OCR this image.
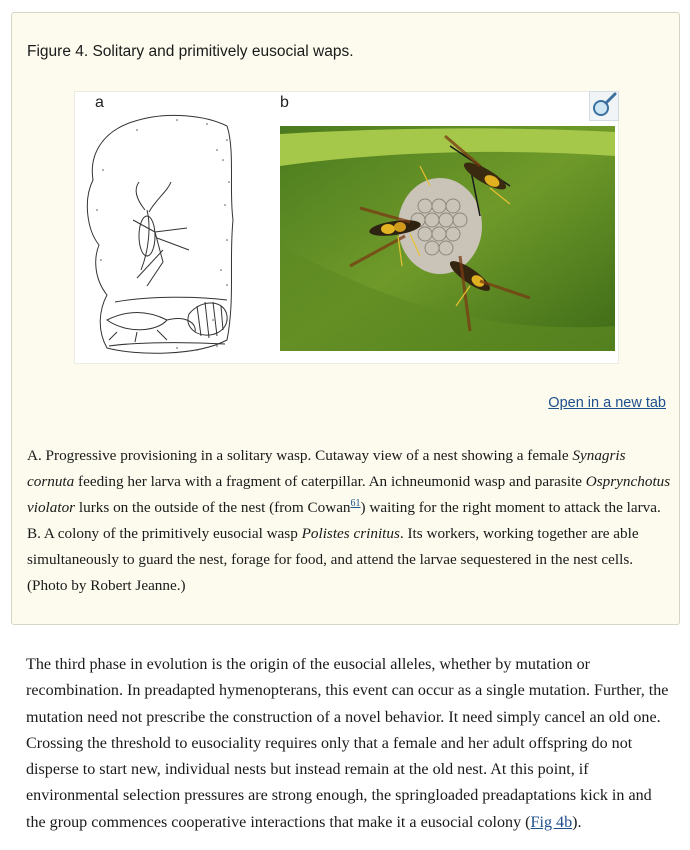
Figure 4. Solitary and primitively eusocial waps.
a	b
Open in a new tab

A. Progressive provisioning in a solitary wasp. Cutaway view of a nest showing a female Synagris cornuta feeding her larva with a fragment of caterpillar. An ichneumonid wasp and parasite Osprynchotus violator lurks on the outside of the nest (from Cowan$^{61}$) waiting for the right moment to attack the larva. B. A colony of the primitively eusocial wasp Polistes crinitus. Its workers, working together are able simultaneously to guard the nest, forage for food, and attend the larvae sequestered in the nest cells. (Photo by Robert Jeanne.)

The third phase in evolution is the origin of the eusocial alleles, whether by mutation or recombination. In preadapted hymenopterans, this event can occur as a single mutation. Further, the mutation need not prescribe the construction of a novel behavior. It need simply cancel an old one. Crossing the threshold to eusociality requires only that a female and her adult offspring do not disperse to start new, individual nests but instead remain at the old nest. At this point, if environmental selection pressures are strong enough, the springloaded preadaptations kick in and the group commences cooperative interactions that make it a eusocial colony (Fig 4b).
